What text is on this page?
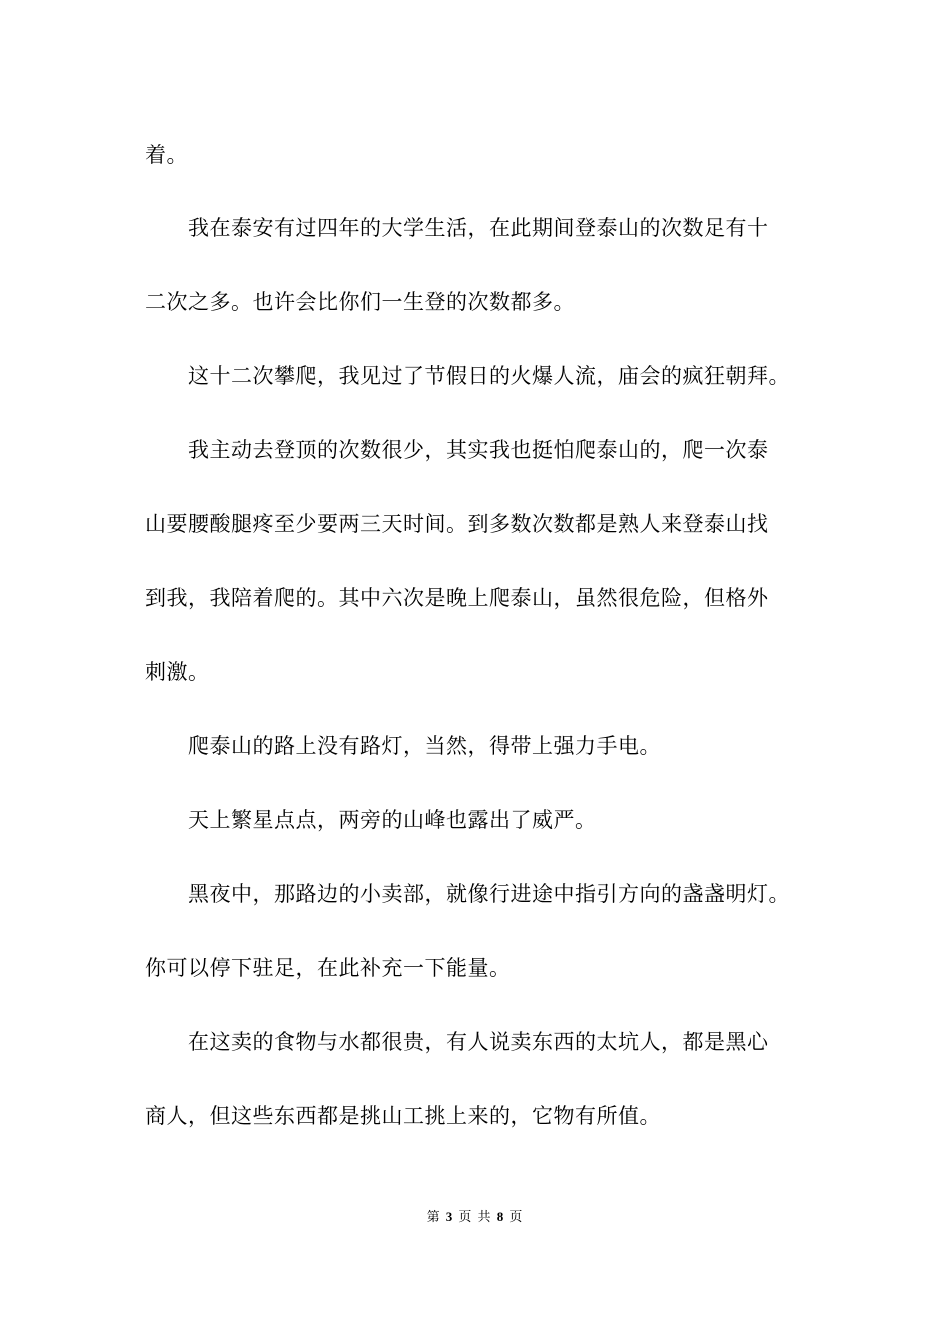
着。
　　我在泰安有过四年的大学生活，在此期间登泰山的次数足有十
二次之多。也许会比你们一生登的次数都多。
　　这十二次攀爬，我见过了节假日的火爆人流，庙会的疯狂朝拜。
　　我主动去登顶的次数很少，其实我也挺怕爬泰山的，爬一次泰
山要腰酸腿疼至少要两三天时间。到多数次数都是熟人来登泰山找
到我，我陪着爬的。其中六次是晚上爬泰山，虽然很危险，但格外
刺激。
　　爬泰山的路上没有路灯，当然，得带上强力手电。
　　天上繁星点点，两旁的山峰也露出了威严。
　　黑夜中，那路边的小卖部，就像行进途中指引方向的盏盏明灯。
你可以停下驻足，在此补充一下能量。
　　在这卖的食物与水都很贵，有人说卖东西的太坑人，都是黑心
商人，但这些东西都是挑山工挑上来的，它物有所值。
第 3 页 共 8 页
